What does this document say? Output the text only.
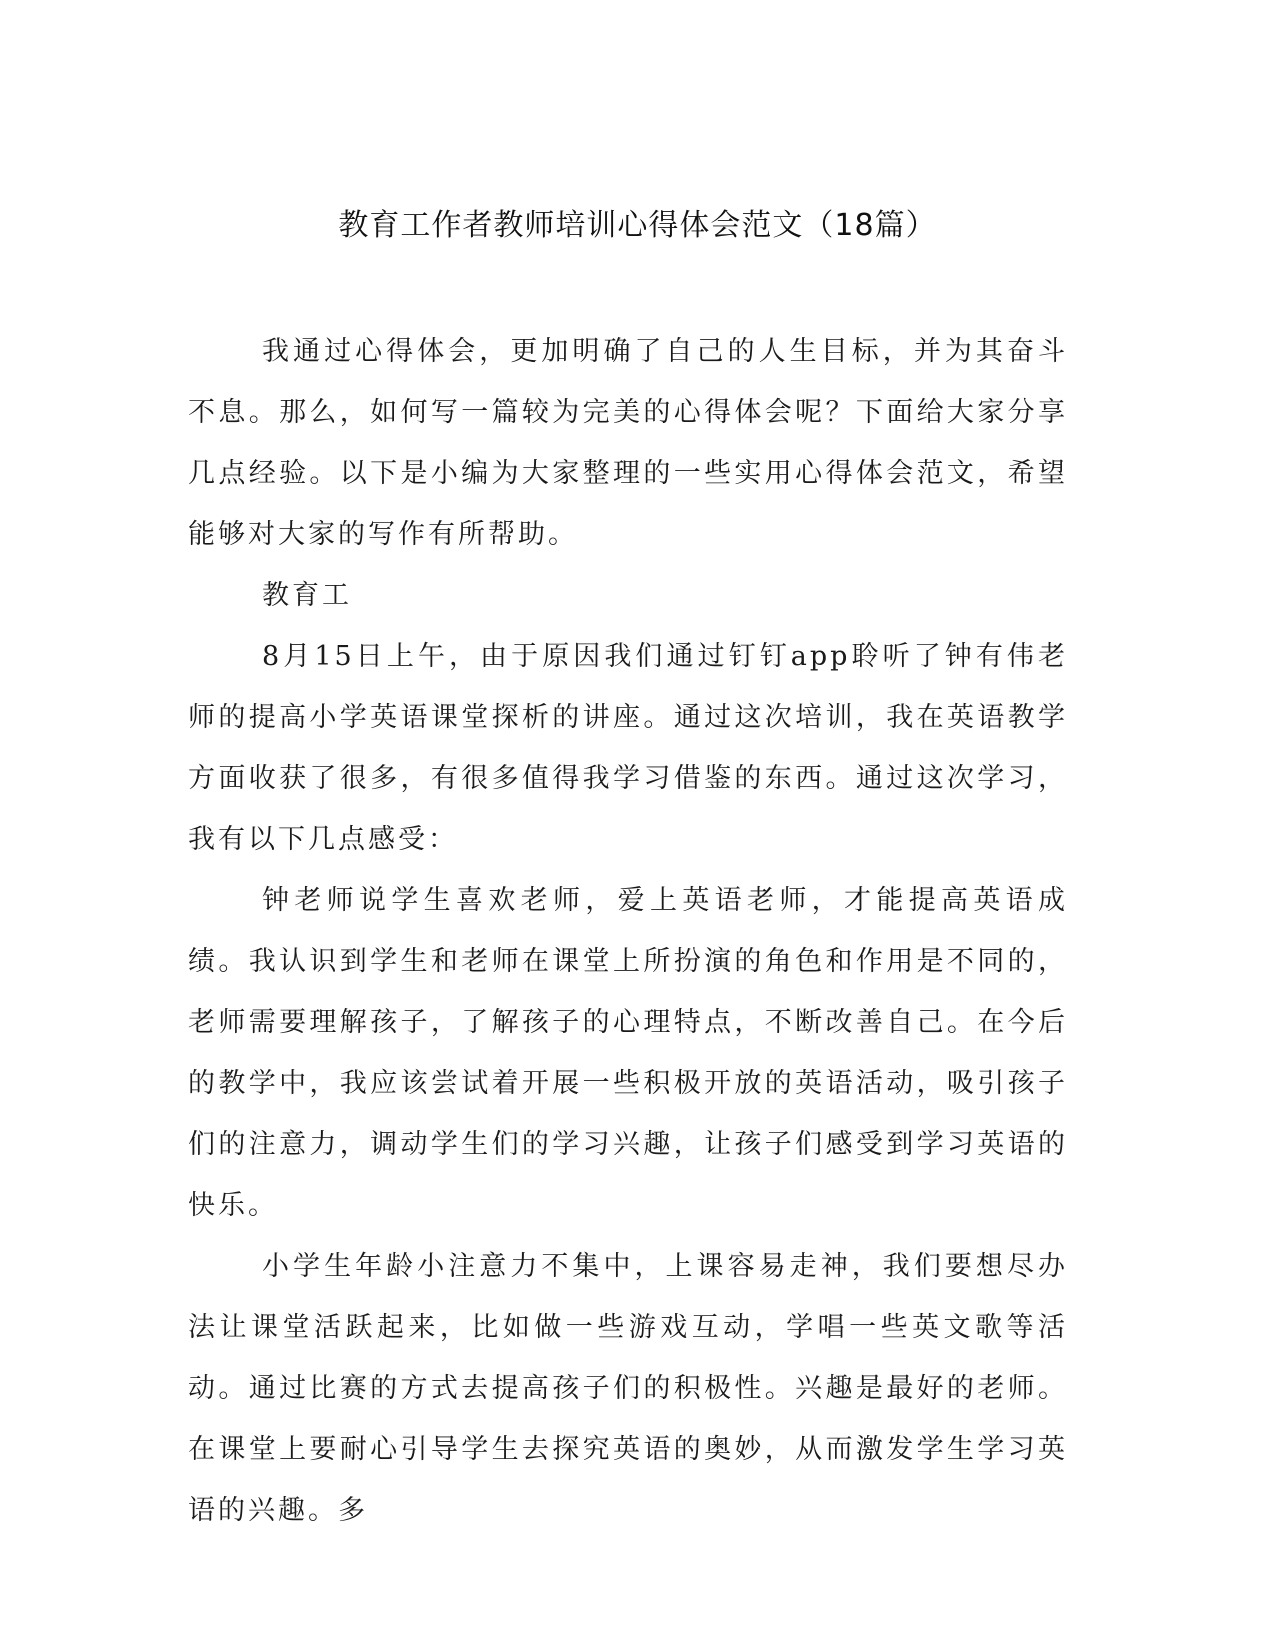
教育工作者教师培训心得体会范文（18篇）

我通过心得体会，更加明确了自己的人生目标，并为其奋斗不息。那么，如何写一篇较为完美的心得体会呢？下面给大家分享几点经验。以下是小编为大家整理的一些实用心得体会范文，希望能够对大家的写作有所帮助。

教育工

8月15日上午，由于原因我们通过钉钉app聆听了钟有伟老师的提高小学英语课堂探析的讲座。通过这次培训，我在英语教学方面收获了很多，有很多值得我学习借鉴的东西。通过这次学习，我有以下几点感受：

钟老师说学生喜欢老师，爱上英语老师，才能提高英语成绩。我认识到学生和老师在课堂上所扮演的角色和作用是不同的，老师需要理解孩子，了解孩子的心理特点，不断改善自己。在今后的教学中，我应该尝试着开展一些积极开放的英语活动，吸引孩子们的注意力，调动学生们的学习兴趣，让孩子们感受到学习英语的快乐。

小学生年龄小注意力不集中，上课容易走神，我们要想尽办法让课堂活跃起来，比如做一些游戏互动，学唱一些英文歌等活动。通过比赛的方式去提高孩子们的积极性。兴趣是最好的老师。在课堂上要耐心引导学生去探究英语的奥妙，从而激发学生学习英语的兴趣。多
